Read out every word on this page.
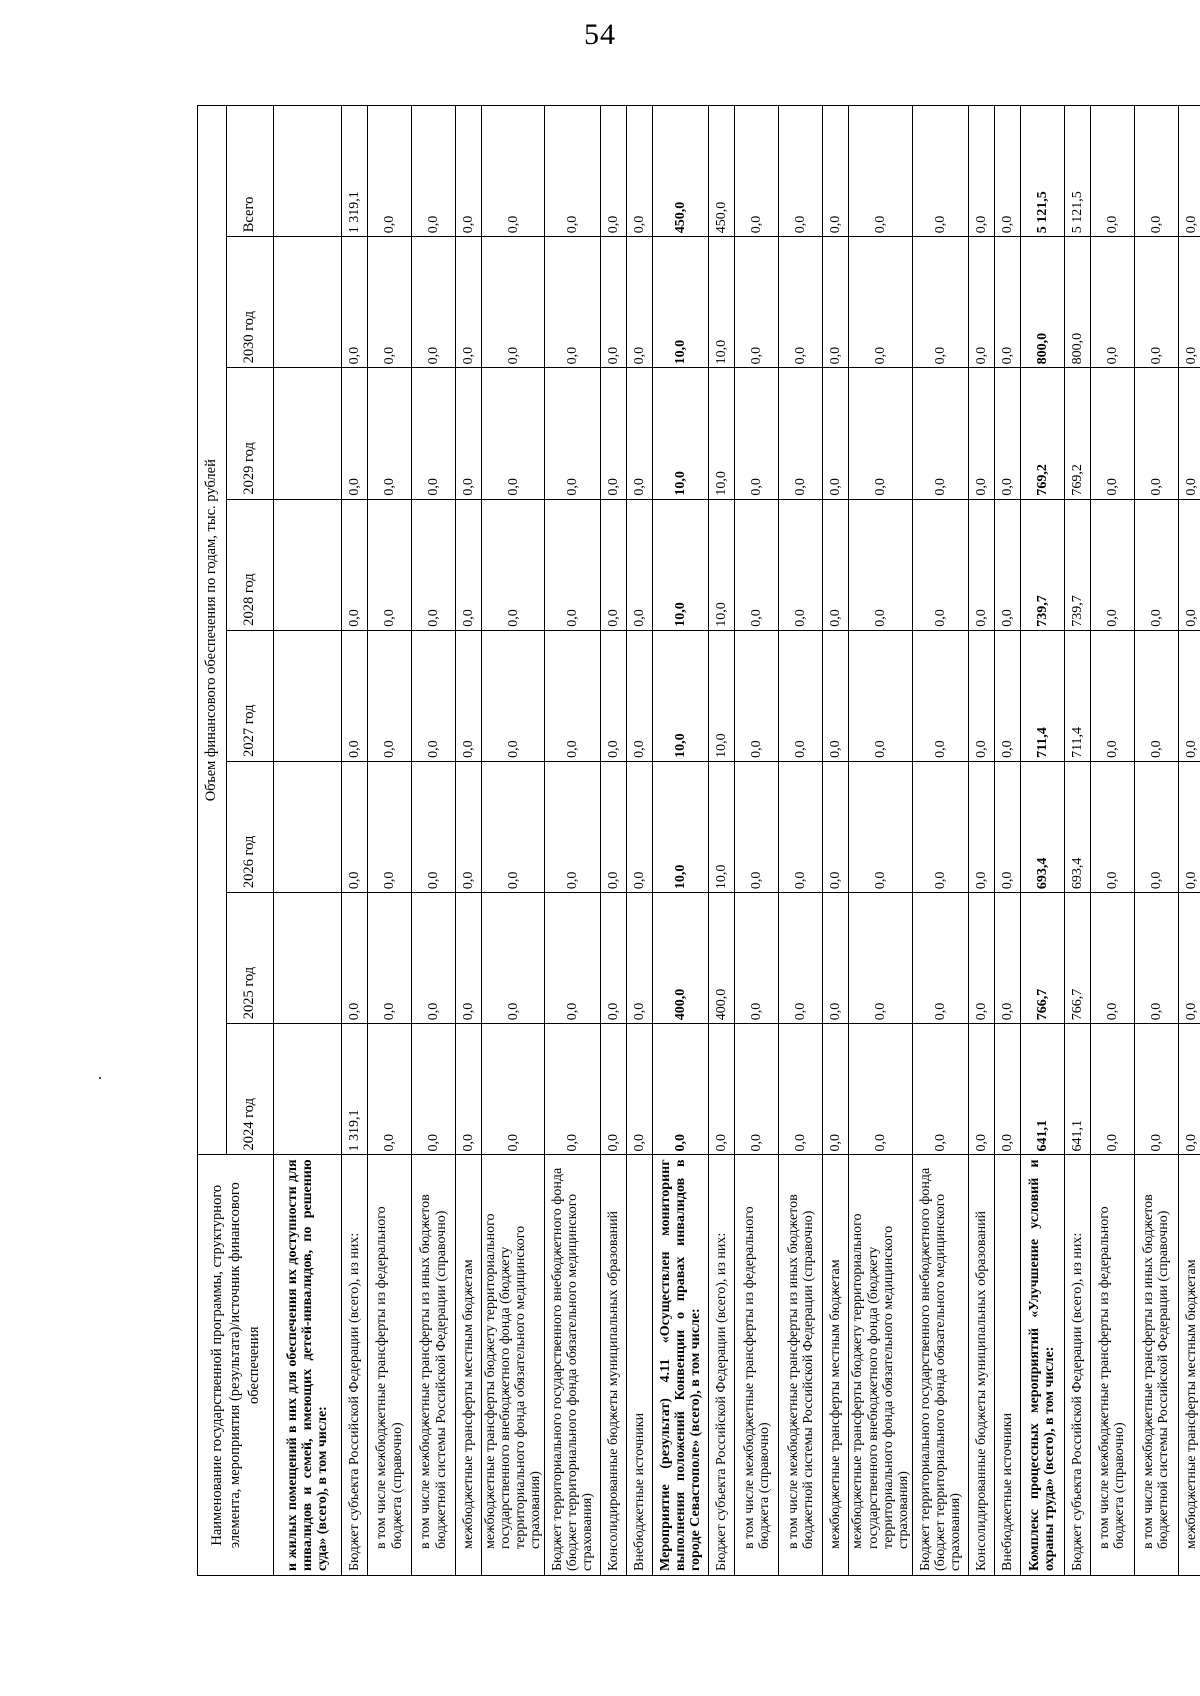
54
Наименование государственной программы, структурного элемента, мероприятия (результата)/источник финансового обеспечения	Объем финансового обеспечения по годам, тыс. рублей							
	2024 год	2025 год	2026 год	2027 год	2028 год	2029 год	2030 год	Всего
и жилых помещений в них для обеспечения их доступности для инвалидов и семей, имеющих детей-инвалидов, по решению суда» (всего), в том числе:								
Бюджет субъекта Российской Федерации (всего), из них:	1 319,1	0,0	0,0	0,0	0,0	0,0	0,0	1 319,1
в том числе межбюджетные трансферты из федерального бюджета (справочно)	0,0	0,0	0,0	0,0	0,0	0,0	0,0	0,0
в том числе межбюджетные трансферты из иных бюджетов бюджетной системы Российской Федерации (справочно)	0,0	0,0	0,0	0,0	0,0	0,0	0,0	0,0
межбюджетные трансферты местным бюджетам	0,0	0,0	0,0	0,0	0,0	0,0	0,0	0,0
межбюджетные трансферты бюджету территориального государственного внебюджетного фонда (бюджету территориального фонда обязательного медицинского страхования)	0,0	0,0	0,0	0,0	0,0	0,0	0,0	0,0
Бюджет территориального государственного внебюджетного фонда (бюджет территориального фонда обязательного медицинского страхования)	0,0	0,0	0,0	0,0	0,0	0,0	0,0	0,0
Консолидированные бюджеты муниципальных образований	0,0	0,0	0,0	0,0	0,0	0,0	0,0	0,0
Внебюджетные источники	0,0	0,0	0,0	0,0	0,0	0,0	0,0	0,0
Мероприятие (результат) 4.11 «Осуществлен мониторинг выполнения положений Конвенции о правах инвалидов в городе Севастополе» (всего), в том числе:	0,0	400,0	10,0	10,0	10,0	10,0	10,0	450,0
Бюджет субъекта Российской Федерации (всего), из них:	0,0	400,0	10,0	10,0	10,0	10,0	10,0	450,0
в том числе межбюджетные трансферты из федерального бюджета (справочно)	0,0	0,0	0,0	0,0	0,0	0,0	0,0	0,0
в том числе межбюджетные трансферты из иных бюджетов бюджетной системы Российской Федерации (справочно)	0,0	0,0	0,0	0,0	0,0	0,0	0,0	0,0
межбюджетные трансферты местным бюджетам	0,0	0,0	0,0	0,0	0,0	0,0	0,0	0,0
межбюджетные трансферты бюджету территориального государственного внебюджетного фонда (бюджету территориального фонда обязательного медицинского страхования)	0,0	0,0	0,0	0,0	0,0	0,0	0,0	0,0
Бюджет территориального государственного внебюджетного фонда (бюджет территориального фонда обязательного медицинского страхования)	0,0	0,0	0,0	0,0	0,0	0,0	0,0	0,0
Консолидированные бюджеты муниципальных образований	0,0	0,0	0,0	0,0	0,0	0,0	0,0	0,0
Внебюджетные источники	0,0	0,0	0,0	0,0	0,0	0,0	0,0	0,0
Комплекс процессных мероприятий «Улучшение условий и охраны труда» (всего), в том числе:	641,1	766,7	693,4	711,4	739,7	769,2	800,0	5 121,5
Бюджет субъекта Российской Федерации (всего), из них:	641,1	766,7	693,4	711,4	739,7	769,2	800,0	5 121,5
в том числе межбюджетные трансферты из федерального бюджета (справочно)	0,0	0,0	0,0	0,0	0,0	0,0	0,0	0,0
в том числе межбюджетные трансферты из иных бюджетов бюджетной системы Российской Федерации (справочно)	0,0	0,0	0,0	0,0	0,0	0,0	0,0	0,0
межбюджетные трансферты местным бюджетам	0,0	0,0	0,0	0,0	0,0	0,0	0,0	0,0
